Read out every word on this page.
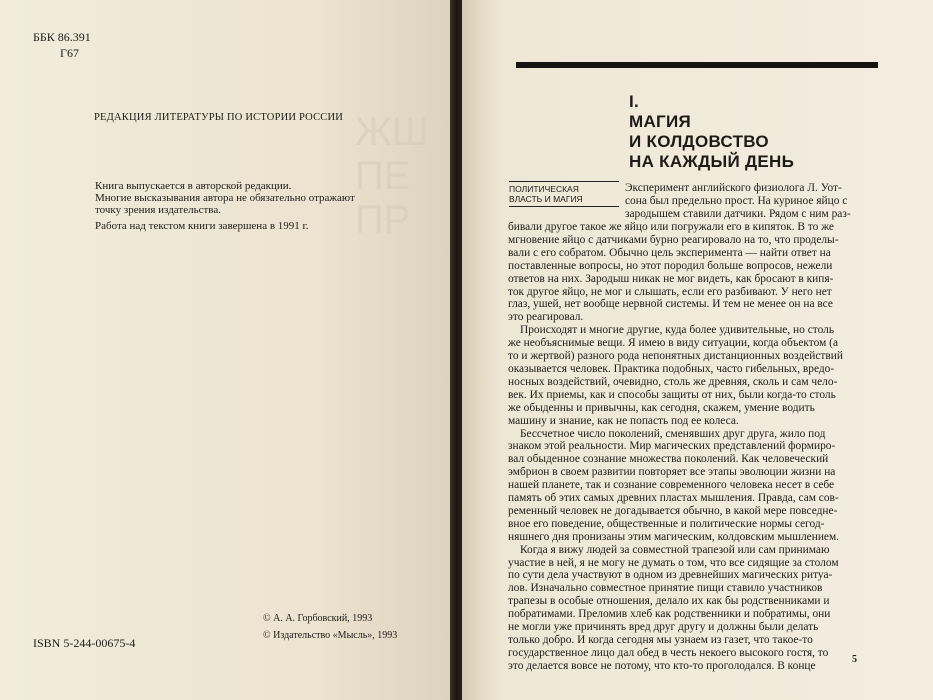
ЖШ
ПЕ
ПР
ББК 86.391
Г67
РЕДАКЦИЯ ЛИТЕРАТУРЫ ПО ИСТОРИИ РОССИИ
Книга выпускается в авторской редакции.
Многие высказывания автора не обязательно отражают
точку зрения издательства.
Работа над текстом книги завершена в 1991 г.
© А. А. Горбовский, 1993
© Издательство «Мысль», 1993
ISBN 5-244-00675-4
I.
МАГИЯ
И КОЛДОВСТВО
НА КАЖДЫЙ ДЕНЬ
ПОЛИТИЧЕСКАЯ
ВЛАСТЬ И МАГИЯ
Эксперимент английского физиолога Л. Уот-
сона был предельно прост. На куриное яйцо с
зародышем ставили датчики. Рядом с ним раз-
бивали другое такое же яйцо или погружали его в кипяток. В то же
мгновение яйцо с датчиками бурно реагировало на то, что проделы-
вали с его собратом. Обычно цель эксперимента — найти ответ на
поставленные вопросы, но этот породил больше вопросов, нежели
ответов на них. Зародыш никак не мог видеть, как бросают в кипя-
ток другое яйцо, не мог и слышать, если его разбивают. У него нет
глаз, ушей, нет вообще нервной системы. И тем не менее он на все
это реагировал.
Происходят и многие другие, куда более удивительные, но столь
же необъяснимые вещи. Я имею в виду ситуации, когда объектом (а
то и жертвой) разного рода непонятных дистанционных воздействий
оказывается человек. Практика подобных, часто гибельных, вредо-
носных воздействий, очевидно, столь же древняя, сколь и сам чело-
век. Их приемы, как и способы защиты от них, были когда-то столь
же обыденны и привычны, как сегодня, скажем, умение водить
машину и знание, как не попасть под ее колеса.
Бессчетное число поколений, сменявших друг друга, жило под
знаком этой реальности. Мир магических представлений формиро-
вал обыденное сознание множества поколений. Как человеческий
эмбрион в своем развитии повторяет все этапы эволюции жизни на
нашей планете, так и сознание современного человека несет в себе
память об этих самых древних пластах мышления. Правда, сам сов-
ременный человек не догадывается обычно, в какой мере повседне-
вное его поведение, общественные и политические нормы сегод-
няшнего дня пронизаны этим магическим, колдовским мышлением.
Когда я вижу людей за совместной трапезой или сам принимаю
участие в ней, я не могу не думать о том, что все сидящие за столом
по сути дела участвуют в одном из древнейших магических ритуа-
лов. Изначально совместное принятие пищи ставило участников
трапезы в особые отношения, делало их как бы родственниками и
побратимами. Преломив хлеб как родственники и побратимы, они
не могли уже причинять вред друг другу и должны были делать
только добро. И когда сегодня мы узнаем из газет, что такое-то
государственное лицо дал обед в честь некоего высокого гостя, то
это делается вовсе не потому, что кто-то проголодался. В конце
5
